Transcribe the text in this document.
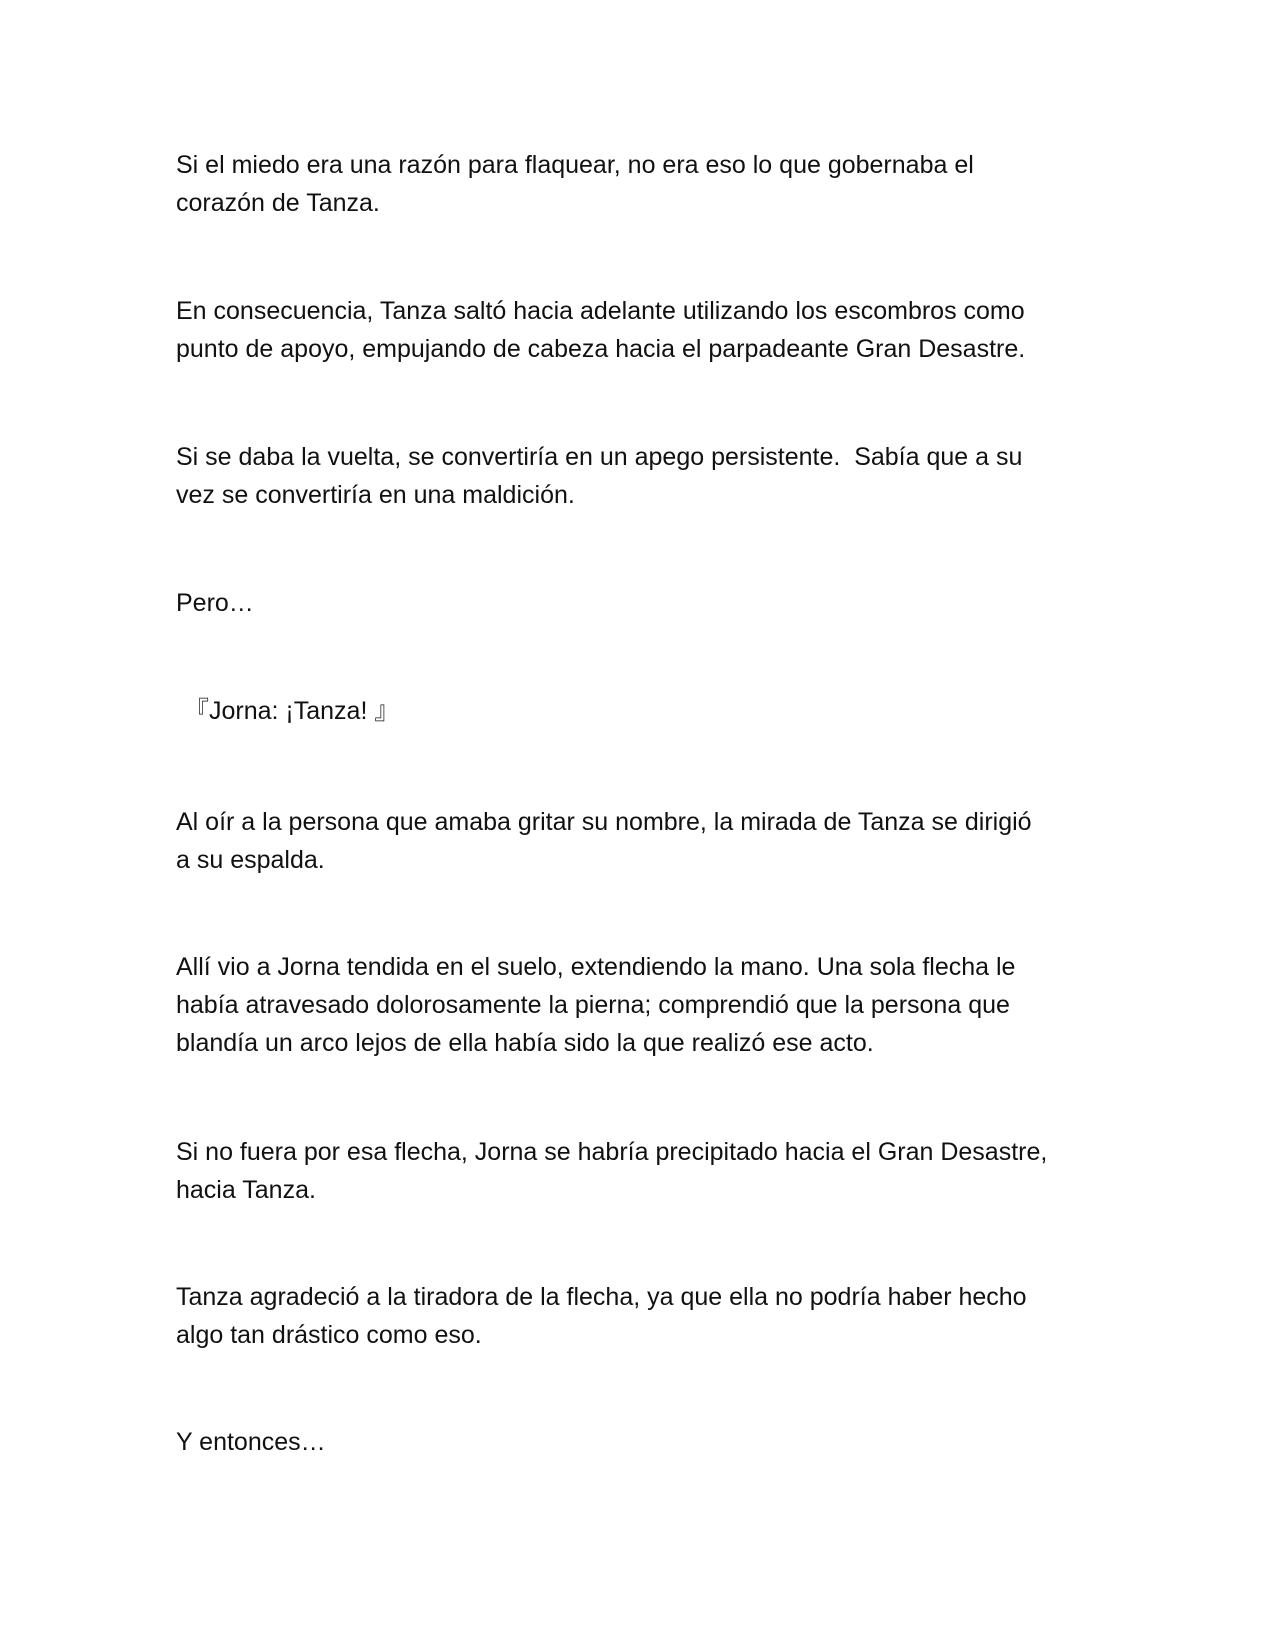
Si el miedo era una razón para flaquear, no era eso lo que gobernaba el
corazón de Tanza.

En consecuencia, Tanza saltó hacia adelante utilizando los escombros como
punto de apoyo, empujando de cabeza hacia el parpadeante Gran Desastre.

Si se daba la vuelta, se convertiría en un apego persistente.  Sabía que a su
vez se convertiría en una maldición.

Pero…

『Jorna: ¡Tanza! 』

Al oír a la persona que amaba gritar su nombre, la mirada de Tanza se dirigió
a su espalda.

Allí vio a Jorna tendida en el suelo, extendiendo la mano. Una sola flecha le
había atravesado dolorosamente la pierna; comprendió que la persona que
blandía un arco lejos de ella había sido la que realizó ese acto.

Si no fuera por esa flecha, Jorna se habría precipitado hacia el Gran Desastre,
hacia Tanza.

Tanza agradeció a la tiradora de la flecha, ya que ella no podría haber hecho
algo tan drástico como eso.

Y entonces…
